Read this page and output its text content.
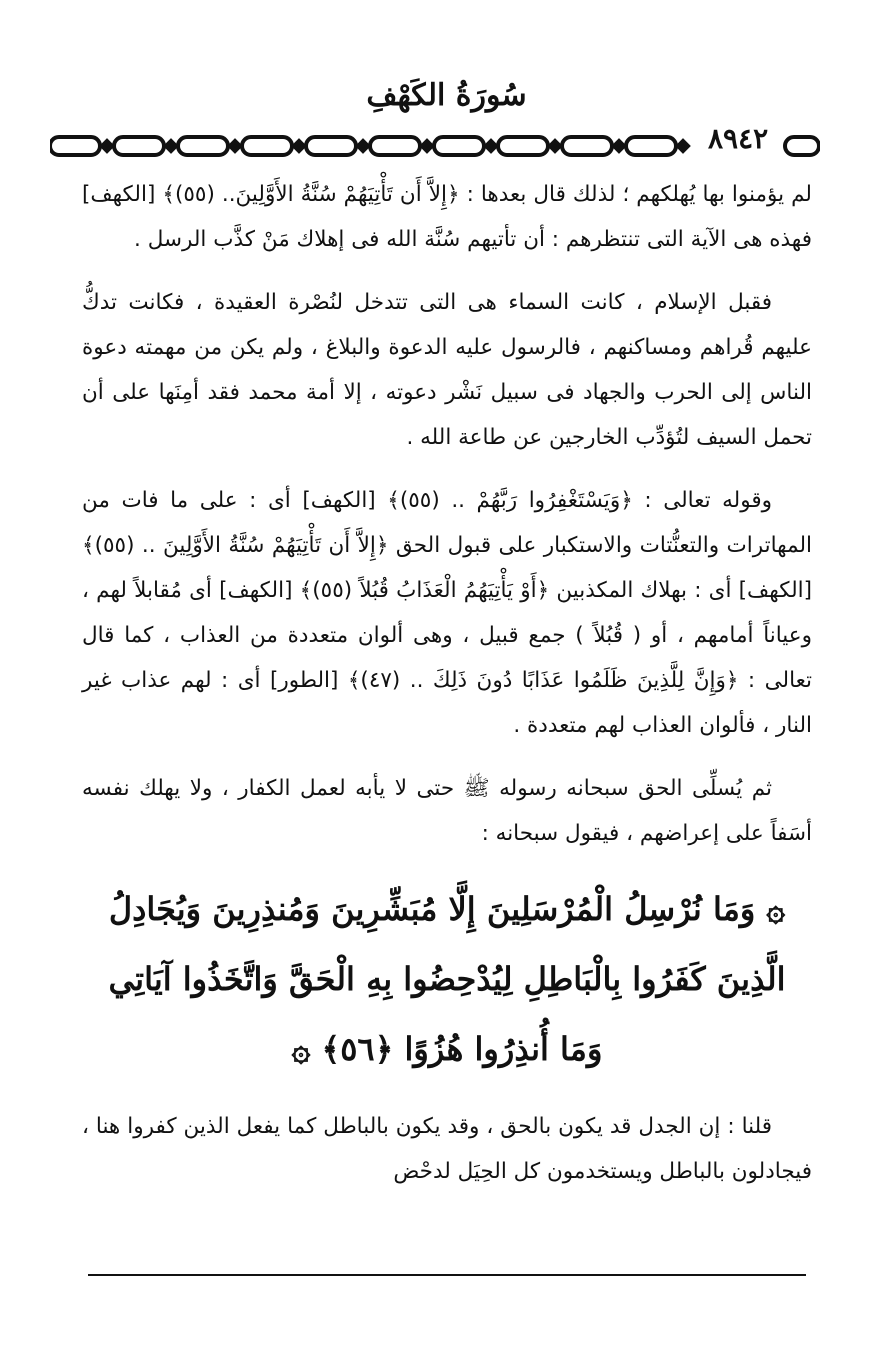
سُورَةُ الكَهْفِ
٨٩٤٢

لم يؤمنوا بها يُهلكهم ؛ لذلك قال بعدها : ﴿إِلاَّ أَن تَأْتِيَهُمْ سُنَّةُ الأَوَّلِينَ.. (٥٥)﴾ [الكهف] فهذه هى الآية التى تنتظرهم : أن تأتيهم سُنَّة الله فى إهلاك مَنْ كذَّب الرسل .

فقبل الإسلام ، كانت السماء هى التى تتدخل لنُصْرة العقيدة ، فكانت تدكُّ عليهم قُراهم ومساكنهم ، فالرسول عليه الدعوة والبلاغ ، ولم يكن من مهمته دعوة الناس إلى الحرب والجهاد فى سبيل نَشْر دعوته ، إلا أمة محمد فقد أمِنَها على أن تحمل السيف لتُؤدِّب الخارجين عن طاعة الله .

وقوله تعالى : ﴿وَيَسْتَغْفِرُوا رَبَّهُمْ .. (٥٥)﴾ [الكهف] أى : على ما فات من المهاترات والتعنُّتات والاستكبار على قبول الحق ﴿إِلاَّ أَن تَأْتِيَهُمْ سُنَّةُ الأَوَّلِينَ .. (٥٥)﴾ [الكهف] أى : بهلاك المكذبين ﴿أَوْ يَأْتِيَهُمُ الْعَذَابُ قُبُلاً (٥٥)﴾ [الكهف] أى مُقابلاً لهم ، وعياناً أمامهم ، أو ( قُبُلاً ) جمع قبيل ، وهى ألوان متعددة من العذاب ، كما قال تعالى : ﴿وَإِنَّ لِلَّذِينَ ظَلَمُوا عَذَابًا دُونَ ذَلِكَ .. (٤٧)﴾ [الطور] أى : لهم عذاب غير النار ، فألوان العذاب لهم متعددة .

ثم يُسلِّى الحق سبحانه رسوله ﷺ حتى لا يأبه لعمل الكفار ، ولا يهلك نفسه أسَفاً على إعراضهم ، فيقول سبحانه :

۞ وَمَا نُرْسِلُ الْمُرْسَلِينَ إِلَّا مُبَشِّرِينَ وَمُنذِرِينَ وَيُجَادِلُ
الَّذِينَ كَفَرُوا بِالْبَاطِلِ لِيُدْحِضُوا بِهِ الْحَقَّ وَاتَّخَذُوا آيَاتِي
وَمَا أُنذِرُوا هُزُوًا ﴿٥٦﴾ ۞

قلنا : إن الجدل قد يكون بالحق ، وقد يكون بالباطل كما يفعل الذين كفروا هنا ، فيجادلون بالباطل ويستخدمون كل الحِيَل لدحْض
